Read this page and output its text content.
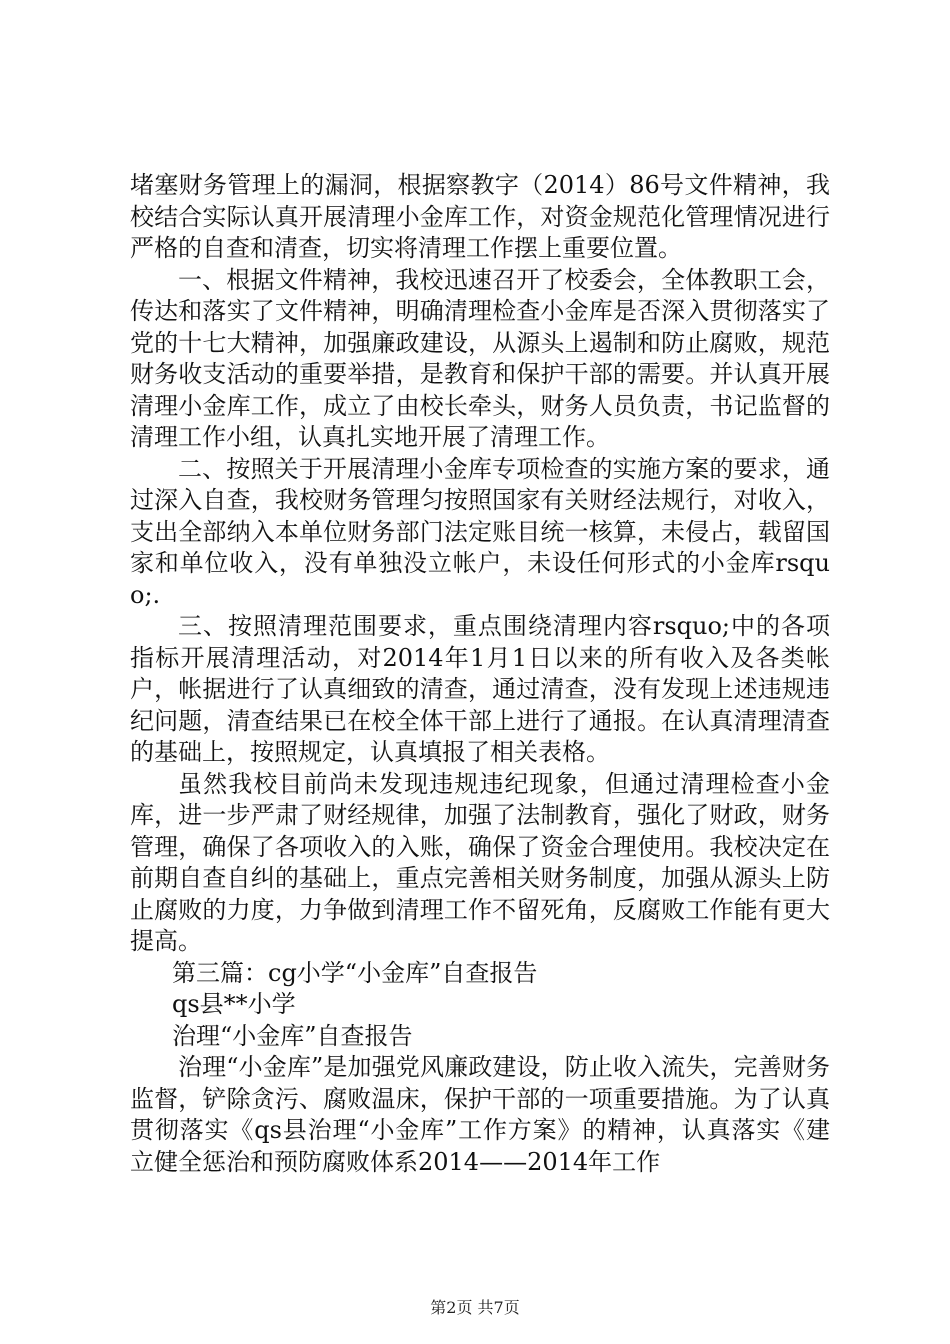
堵塞财务管理上的漏洞，根据察教字（2014）86号文件精神，我校结合实际认真开展清理小金库工作，对资金规范化管理情况进行严格的自查和清查，切实将清理工作摆上重要位置。

一、根据文件精神，我校迅速召开了校委会，全体教职工会，传达和落实了文件精神，明确清理检查小金库是否深入贯彻落实了党的十七大精神，加强廉政建设，从源头上遏制和防止腐败，规范财务收支活动的重要举措，是教育和保护干部的需要。并认真开展清理小金库工作，成立了由校长牵头，财务人员负责，书记监督的清理工作小组，认真扎实地开展了清理工作。

二、按照关于开展清理小金库专项检查的实施方案的要求，通过深入自查，我校财务管理匀按照国家有关财经法规行，对收入，支出全部纳入本单位财务部门法定账目统一核算，未侵占，载留国家和单位收入，没有单独没立帐户，未设任何形式的小金库rsquo;.

三、按照清理范围要求，重点围绕清理内容rsquo;中的各项指标开展清理活动，对2014年1月1日以来的所有收入及各类帐户，帐据进行了认真细致的清查，通过清查，没有发现上述违规违纪问题，清查结果已在校全体干部上进行了通报。在认真清理清查的基础上，按照规定，认真填报了相关表格。

虽然我校目前尚未发现违规违纪现象，但通过清理检查小金库，进一步严肃了财经规律，加强了法制教育，强化了财政，财务管理，确保了各项收入的入账，确保了资金合理使用。我校决定在前期自查自纠的基础上，重点完善相关财务制度，加强从源头上防止腐败的力度，力争做到清理工作不留死角，反腐败工作能有更大提高。

第三篇：cg小学“小金库”自查报告

qs县**小学

治理“小金库”自查报告

治理“小金库”是加强党风廉政建设，防止收入流失，完善财务监督，铲除贪污、腐败温床，保护干部的一项重要措施。为了认真贯彻落实《qs县治理“小金库”工作方案》的精神，认真落实《建立健全惩治和预防腐败体系2014——2014年工作

第2页 共7页
